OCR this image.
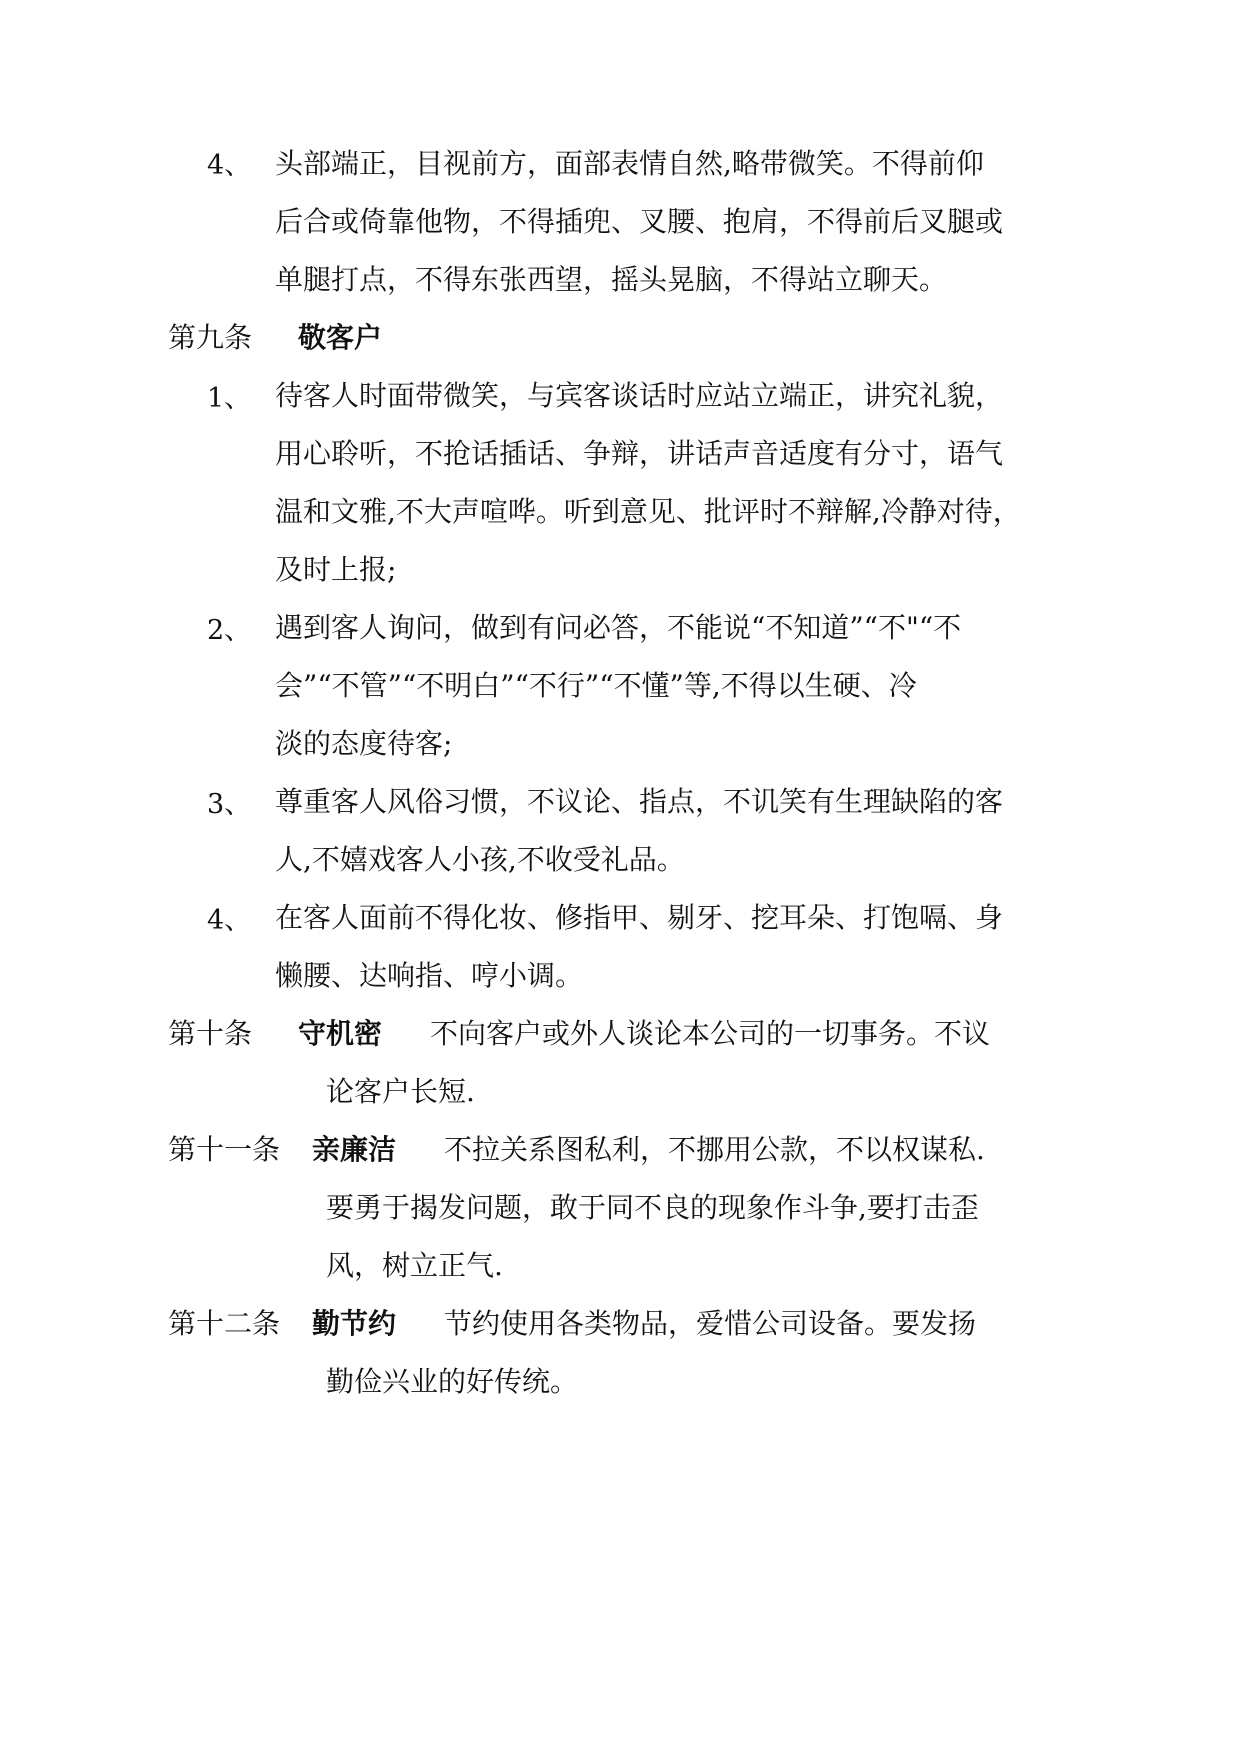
4、 头部端正，目视前方，面部表情自然,略带微笑。不得前仰
后合或倚靠他物，不得插兜、叉腰、抱肩，不得前后叉腿或
单腿打点，不得东张西望，摇头晃脑，不得站立聊天。
第九条 敬客户
1、 待客人时面带微笑，与宾客谈话时应站立端正，讲究礼貌，
用心聆听，不抢话插话、争辩，讲话声音适度有分寸，语气
温和文雅,不大声喧哗。听到意见、批评时不辩解,冷静对待，
及时上报;
2、 遇到客人询问，做到有问必答，不能说“不知道”“不"“不
会”“不管”“不明白”“不行”“不懂”等,不得以生硬、冷
淡的态度待客;
3、 尊重客人风俗习惯，不议论、指点，不讥笑有生理缺陷的客
人,不嬉戏客人小孩,不收受礼品。
4、 在客人面前不得化妆、修指甲、剔牙、挖耳朵、打饱嗝、身
懒腰、达响指、哼小调。
第十条 守机密 不向客户或外人谈论本公司的一切事务。不议
论客户长短.
第十一条 亲廉洁 不拉关系图私利，不挪用公款，不以权谋私.
要勇于揭发问题，敢于同不良的现象作斗争,要打击歪
风，树立正气.
第十二条 勤节约 节约使用各类物品，爱惜公司设备。要发扬
勤俭兴业的好传统。
